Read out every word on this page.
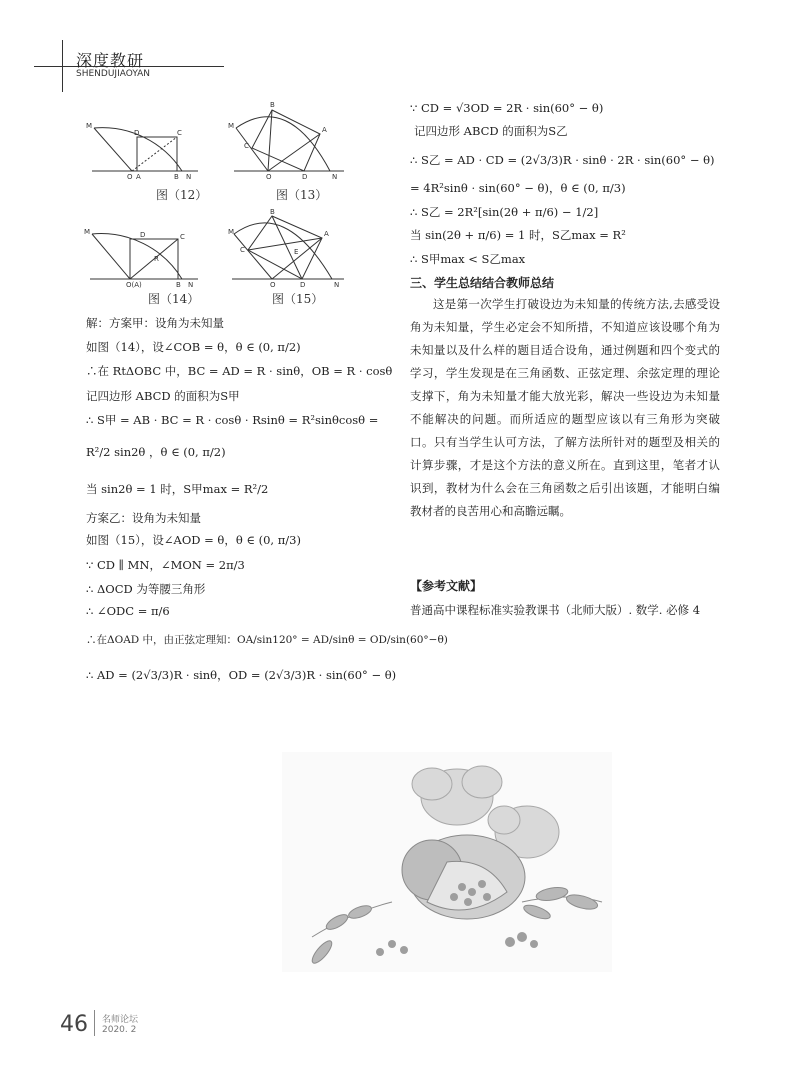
深度教研
SHENDUJIAOYAN
M
D	C
O A	B N
图（12）
M
B
A
C
D
O	N
图（13）
M	D	C
R
O(A)	B N
图（14）
M
B
A
C	E
O	D	N
图（15）
解：方案甲：设角为未知量
如图（14），设∠COB = θ，θ ∈ (0, π/2)
∴在 RtΔOBC 中，BC = AD = R · sinθ，OB = R · cosθ
记四边形 ABCD 的面积为S甲
∴ S甲 = AB · BC = R · cosθ · Rsinθ = R²sinθcosθ =
R²/2 sin2θ ，θ ∈ (0, π/2)
当 sin2θ = 1 时，S甲max = R²/2
方案乙：设角为未知量
如图（15），设∠AOD = θ，θ ∈ (0, π/3)
∵ CD ∥ MN，∠MON = 2π/3
∴ ΔOCD 为等腰三角形
∴ ∠ODC = π/6
∴在ΔOAD 中，由正弦定理知：OA/sin120° = AD/sinθ = OD/sin(60°−θ)
∴ AD = (2√3/3)R · sinθ，OD = (2√3/3)R · sin(60° − θ)
∵ CD = √3OD = 2R · sin(60° − θ)
记四边形 ABCD 的面积为S乙
∴ S乙 = AD · CD = (2√3/3)R · sinθ · 2R · sin(60° − θ)
= 4R²sinθ · sin(60° − θ)，θ ∈ (0, π/3)
∴ S乙 = 2R²[sin(2θ + π/6) − 1/2]
当 sin(2θ + π/6) = 1 时，S乙max = R²
∴ S甲max < S乙max
三、学生总结结合教师总结
这是第一次学生打破设边为未知量的传统方法,去感受设角为未知量，学生必定会不知所措，不知道应该设哪个角为未知量以及什么样的题目适合设角，通过例题和四个变式的学习，学生发现是在三角函数、正弦定理、余弦定理的理论支撑下，角为未知量才能大放光彩，解决一些设边为未知量不能解决的问题。而所适应的题型应该以有三角形为突破口。只有当学生认可方法，了解方法所针对的题型及相关的计算步骤，才是这个方法的意义所在。直到这里，笔者才认识到，教材为什么会在三角函数之后引出该题，才能明白编教材者的良苦用心和高瞻远瞩。
【参考文献】
普通高中课程标准实验教课书（北师大版）. 数学. 必修 4
46 名师论坛
2020. 2
